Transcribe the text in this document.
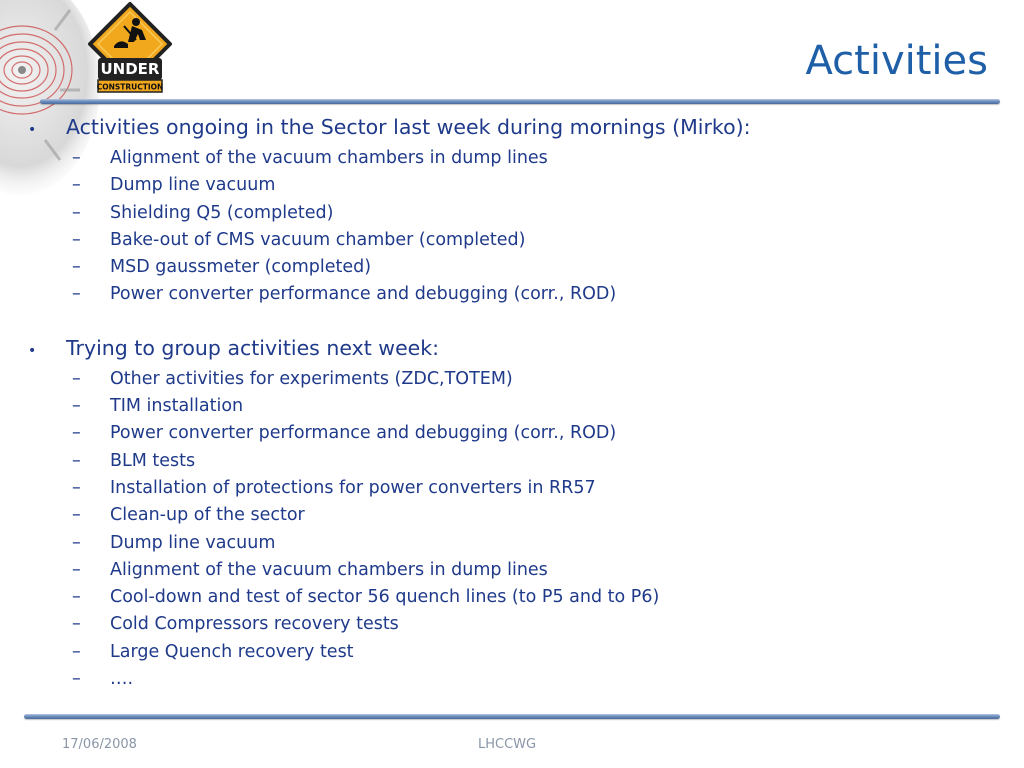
UNDER
CONSTRUCTION
Activities
•	Activities ongoing in the Sector last week during mornings (Mirko):
–	Alignment of the vacuum chambers in dump lines
–	Dump line vacuum
–	Shielding Q5 (completed)
–	Bake-out of CMS vacuum chamber (completed)
–	MSD gaussmeter (completed)
–	Power converter performance and debugging (corr., ROD)
•	Trying to group activities next week:
–	Other activities for experiments (ZDC,TOTEM)
–	TIM installation
–	Power converter performance and debugging (corr., ROD)
–	BLM tests
–	Installation of protections for power converters in RR57
–	Clean-up of the sector
–	Dump line vacuum
–	Alignment of the vacuum chambers in dump lines
–	Cool-down and test of sector 56 quench lines (to P5 and to P6)
–	Cold Compressors recovery tests
–	Large Quench recovery test
–	….
17/06/2008	LHCCWG
